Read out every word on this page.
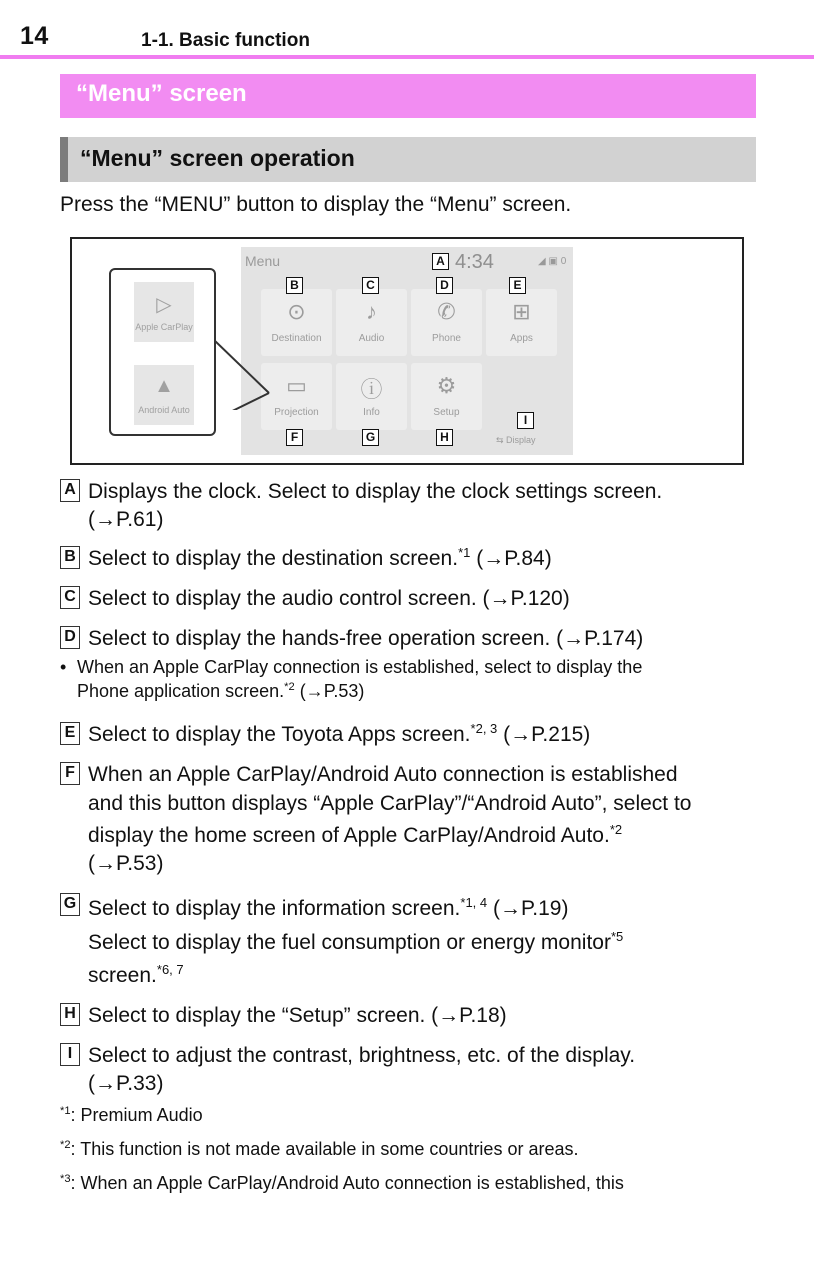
14	1-1. Basic function
“Menu” screen
“Menu” screen operation
Press the “MENU” button to display the “Menu” screen.
Menu	4:34	◢ ▣ 0
⊙
Destination
♪
Audio
✆
Phone
⊞
Apps
▭
Projection
ⓘ
Info
⚙
Setup
⇆ Display
▷
Apple CarPlay
▲
Android Auto
A
B	C	D	E
F	G	H
I
A Displays the clock. Select to display the clock settings screen.
(→P.61)
B Select to display the destination screen.$^{*1}$ (→P.84)
C Select to display the audio control screen. (→P.120)
D Select to display the hands-free operation screen. (→P.174)
• When an Apple CarPlay connection is established, select to display the
Phone application screen.$^{*2}$ (→P.53)
E Select to display the Toyota Apps screen.$^{*2, 3}$ (→P.215)
F When an Apple CarPlay/Android Auto connection is established
and this button displays “Apple CarPlay”/“Android Auto”, select to
display the home screen of Apple CarPlay/Android Auto.$^{*2}$
(→P.53)
G Select to display the information screen.$^{*1, 4}$ (→P.19)
Select to display the fuel consumption or energy monitor$^{*5}$
screen.$^{*6, 7}$
H Select to display the “Setup” screen. (→P.18)
I Select to adjust the contrast, brightness, etc. of the display.
(→P.33)
$^{*1}$: Premium Audio
$^{*2}$: This function is not made available in some countries or areas.
$^{*3}$: When an Apple CarPlay/Android Auto connection is established, this
